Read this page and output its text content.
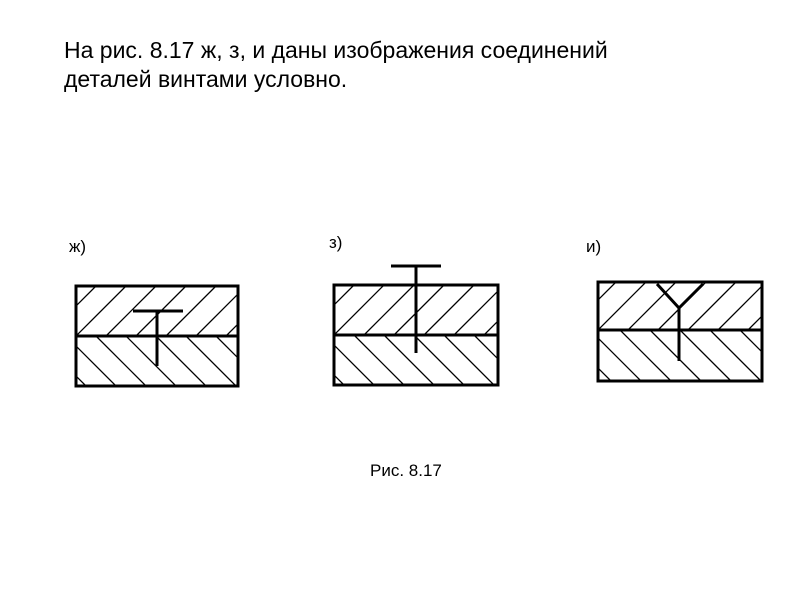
На рис. 8.17 ж, з, и даны изображения соединений
деталей винтами условно.
ж)	з)	и)
Рис. 8.17
